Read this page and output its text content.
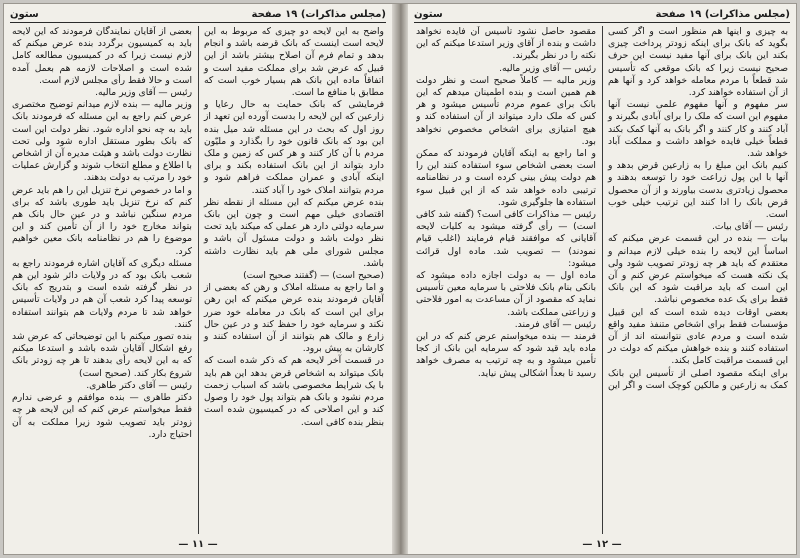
(مجلس مذاكرات) ١٩ صفحة
ستون

واضح به این لایحه دو چیزی که مربوط به این لایحه است اینست که بانک قرضه باشد و انجام بدهد و تمام فرم آن اصلاح بیشتر باشد از این قبیل که عرض شد برای مملکت مفید است و اتفاقاً ماده این بانک هم بسیار خوب است که مطابق با منافع ما است.

فرمایشی که بانک حمایت به حال رعایا و زارعین که این لایحه را بدست آورده این تعهد از روز اول که بحث در این مسئله شد میل بنده این بود که بانک قانون خود را بگذارد و ملیّون مردم با آن کار کنند و هر کس که زمین و ملک دارد بتواند از این بانک استفاده بکند و برای اینکه آبادی و عمران مملکت فراهم شود و مردم بتوانند املاک خود را آباد کنند.

بنده عرض میکنم که این مسئله از نقطه نظر اقتصادی خیلی مهم است و چون این بانک سرمایه دولتی دارد هر عملی که میکند باید تحت نظر دولت باشد و دولت مسئول آن باشد و مجلس شورای ملی هم باید نظارت داشته باشد.

(صحیح است) — (گفتند صحیح است)

و اما راجع به مسئله املاک و رهن که بعضی از آقایان فرمودند بنده عرض میکنم که این رهن برای این است که بانک در معامله خود ضرر نکند و سرمایه خود را حفظ کند و در عین حال زارع و مالک هم بتوانند از آن استفاده کنند و کارشان به پیش برود.

در قسمت آخر لایحه هم که ذکر شده است که بانک میتواند به اشخاص قرض بدهد این هم باید با یک شرایط مخصوصی باشد که اسباب زحمت مردم نشود و بانک هم بتواند پول خود را وصول کند و این اصلاحی که در کمیسیون شده است بنظر بنده کافی است.

بعضی از آقایان نمایندگان فرمودند که این لایحه باید به کمیسیون برگردد بنده عرض میکنم که لازم نیست زیرا که در کمیسیون مطالعه کامل شده است و اصلاحات لازمه هم بعمل آمده است و حالا فقط رأی مجلس لازم است.

رئیس — آقای وزیر مالیه.

وزیر مالیه — بنده لازم میدانم توضیح مختصری عرض کنم راجع به این مسئله که فرمودند بانک باید به چه نحو اداره شود. نظر دولت این است که بانک بطور مستقل اداره شود ولی تحت نظارت دولت باشد و هیئت مدیره آن از اشخاص با اطلاع و مطلع انتخاب شوند و گزارش عملیات خود را مرتب به دولت بدهند.

و اما در خصوص نرخ تنزیل این را هم باید عرض کنم که نرخ تنزیل باید طوری باشد که برای مردم سنگین نباشد و در عین حال بانک هم بتواند مخارج خود را از آن تأمین کند و این موضوع را هم در نظامنامه بانک معین خواهیم کرد.

مسئله دیگری که آقایان اشاره فرمودند راجع به شعب بانک بود که در ولایات دائر شود این هم در نظر گرفته شده است و بتدریج که بانک توسعه پیدا کرد شعب آن هم در ولایات تأسیس خواهد شد تا مردم ولایات هم بتوانند استفاده کنند.

بنده تصور میکنم با این توضیحاتی که عرض شد رفع اشکال آقایان شده باشد و استدعا میکنم که به این لایحه رأی بدهند تا هر چه زودتر بانک شروع بکار کند. (صحیح است)

رئیس — آقای دکتر طاهری.

دکتر طاهری — بنده موافقم و عرضی ندارم فقط میخواستم عرض کنم که این لایحه هر چه زودتر باید تصویب شود زیرا مملکت به آن احتیاج دارد.

— ١١ —
(مجلس مذاكرات) ١٩ صفحة
ستون

به چیزی و اینها هم منظور است و اگر کسی بگوید که بانک برای اینکه زودتر پرداخت چیزی بکند این بانک برای آنها مفید نیست این حرف صحیح نیست زیرا که بانک موقعی که تأسیس شد قطعاً با مردم معامله خواهد کرد و آنها هم از آن استفاده خواهند کرد.

سر مفهوم و آنها مفهوم علمی نیست آنها مفهوم این است که ملک را برای آبادی بگیرند و آباد کنند و کار کنند و اگر بانک به آنها کمک بکند قطعاً خیلی فایده خواهد داشت و مملکت آباد خواهد شد.

کنیم بانک این مبلغ را به زارعین قرض بدهد و آنها با این پول زراعت خود را توسعه بدهند و محصول زیادتری بدست بیاورند و از آن محصول قرض بانک را ادا کنند این ترتیب خیلی خوب است.

رئیس — آقای بیات.

بیات — بنده در این قسمت عرض میکنم که اساساً این لایحه را بنده خیلی لازم میدانم و معتقدم که باید هر چه زودتر تصویب شود ولی یک نکته هست که میخواستم عرض کنم و آن این است که باید مراقبت شود که این بانک فقط برای یک عده مخصوص نباشد.

بعضی اوقات دیده شده است که این قبیل مؤسسات فقط برای اشخاص متنفذ مفید واقع شده است و مردم عادی نتوانسته اند از آن استفاده کنند و بنده خواهش میکنم که دولت در این قسمت مراقبت کامل بکند.

برای اینکه مقصود اصلی از تأسیس این بانک کمک به زارعین و مالکین کوچک است و اگر این مقصود حاصل نشود تأسیس آن فایده نخواهد داشت و بنده از آقای وزیر استدعا میکنم که این نکته را در نظر بگیرند.

رئیس — آقای وزیر مالیه.

وزیر مالیه — کاملاً صحیح است و نظر دولت هم همین است و بنده اطمینان میدهم که این بانک برای عموم مردم تأسیس میشود و هر کس که ملک دارد میتواند از آن استفاده کند و هیچ امتیازی برای اشخاص مخصوص نخواهد بود.

و اما راجع به اینکه آقایان فرمودند که ممکن است بعضی اشخاص سوء استفاده کنند این را هم دولت پیش بینی کرده است و در نظامنامه ترتیبی داده خواهد شد که از این قبیل سوء استفاده ها جلوگیری شود.

رئیس — مذاکرات کافی است؟ (گفته شد کافی است) — رأی گرفته میشود به کلیات لایحه آقایانی که موافقند قیام فرمایند (اغلب قیام نمودند) — تصویب شد. ماده اول قرائت میشود:

ماده اول — به دولت اجازه داده میشود که بانکی بنام بانک فلاحتی با سرمایه معین تأسیس نماید که مقصود از آن مساعدت به امور فلاحتی و زراعتی مملکت باشد.

رئیس — آقای فرمند.

فرمند — بنده میخواستم عرض کنم که در این ماده باید قید شود که سرمایه این بانک از کجا تأمین میشود و به چه ترتیب به مصرف خواهد رسید تا بعداً اشکالی پیش نیاید.

— ١٢ —
